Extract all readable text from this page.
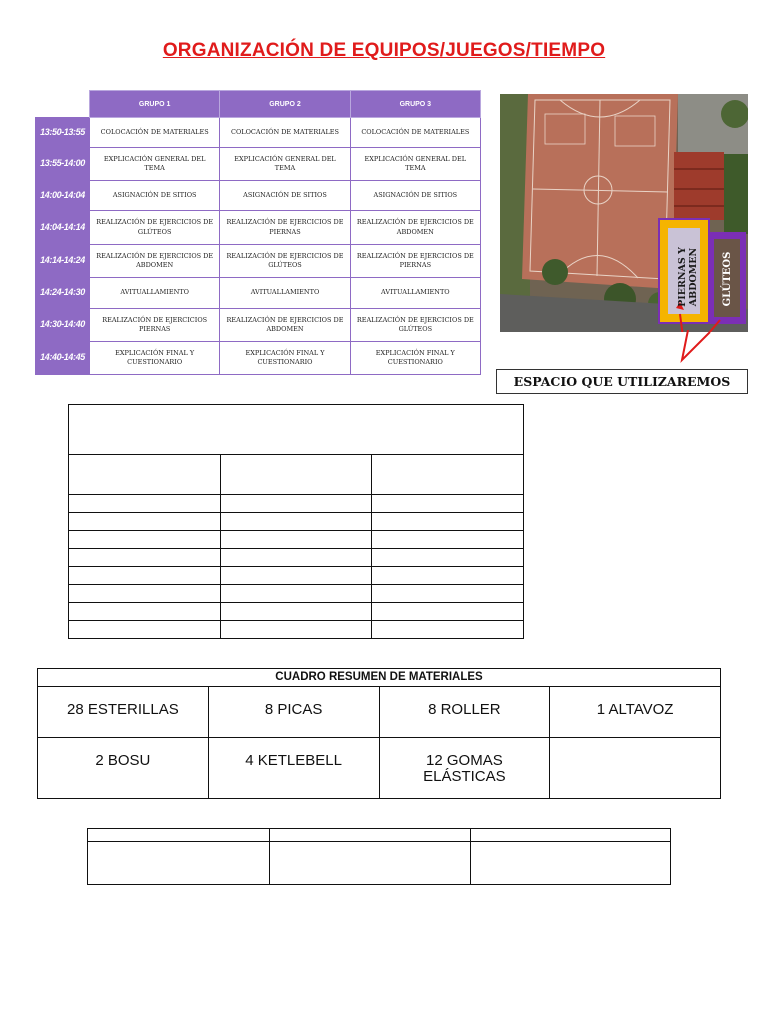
ORGANIZACIÓN DE EQUIPOS/JUEGOS/TIEMPO
	GRUPO 1	GRUPO 2	GRUPO 3
13:50-13:55	COLOCACIÓN DE MATERIALES	COLOCACIÓN DE MATERIALES	COLOCACIÓN DE MATERIALES
13:55-14:00	EXPLICACIÓN GENERAL DEL TEMA	EXPLICACIÓN GENERAL DEL TEMA	EXPLICACIÓN GENERAL DEL TEMA
14:00-14:04	ASIGNACIÓN DE SITIOS	ASIGNACIÓN DE SITIOS	ASIGNACIÓN DE SITIOS
14:04-14:14	REALIZACIÓN DE EJERCICIOS DE GLÚTEOS	REALIZACIÓN DE EJERCICIOS DE PIERNAS	REALIZACIÓN DE EJERCICIOS DE ABDOMEN
14:14-14:24	REALIZACIÓN DE EJERCICIOS DE ABDOMEN	REALIZACIÓN DE EJERCICIOS DE GLÚTEOS	REALIZACIÓN DE EJERCICIOS DE PIERNAS
14:24-14:30	AVITUALLAMIENTO	AVITUALLAMIENTO	AVITUALLAMIENTO
14:30-14:40	REALIZACIÓN DE EJERCICIOS PIERNAS	REALIZACIÓN DE EJERCICIOS DE ABDOMEN	REALIZACIÓN DE EJERCICIOS DE GLÚTEOS
14:40-14:45	EXPLICACIÓN FINAL Y CUESTIONARIO	EXPLICACIÓN FINAL Y CUESTIONARIO	EXPLICACIÓN FINAL Y CUESTIONARIO
PIERNAS Y ABDOMEN	GLÚTEOS
ESPACIO QUE UTILIZAREMOS

CUADRO RESUMEN DE MATERIALES			
28 ESTERILLAS	8 PICAS	8 ROLLER	1 ALTAVOZ
2 BOSU	4 KETLEBELL	12 GOMAS ELÁSTICAS	
